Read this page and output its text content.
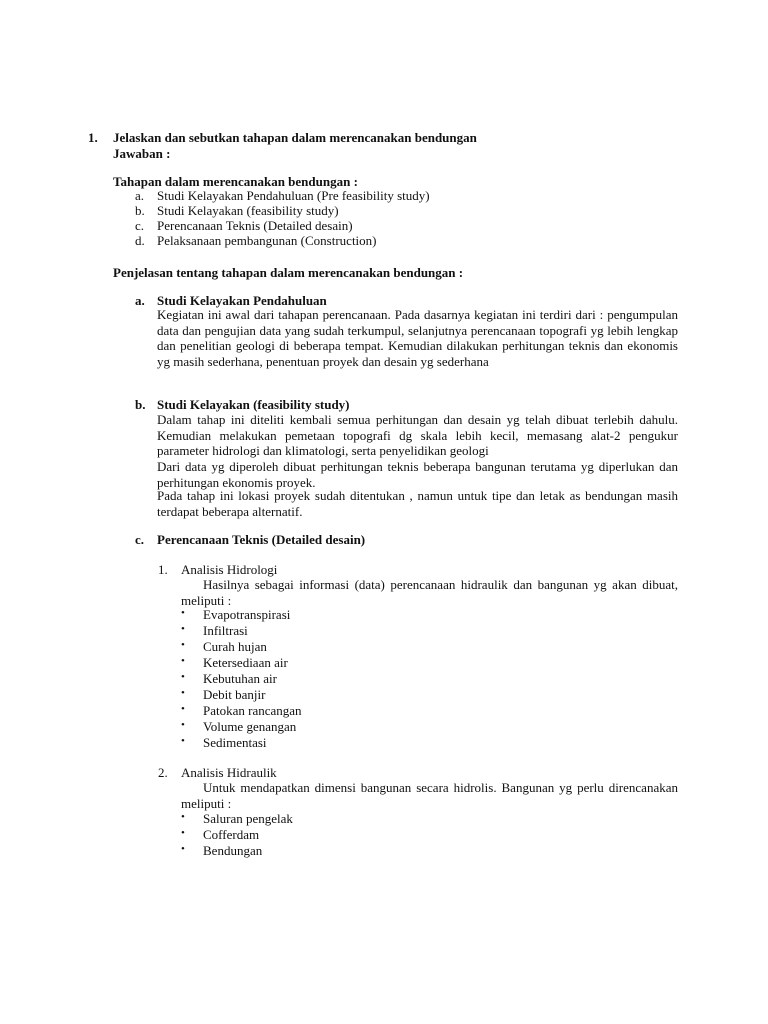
1. Jelaskan dan sebutkan tahapan dalam merencanakan bendungan
Jawaban :
Tahapan dalam merencanakan bendungan :
a. Studi Kelayakan Pendahuluan (Pre feasibility study)
b. Studi Kelayakan (feasibility study)
c. Perencanaan Teknis (Detailed desain)
d. Pelaksanaan pembangunan (Construction)
Penjelasan tentang tahapan dalam merencanakan bendungan :
a. Studi Kelayakan Pendahuluan
Kegiatan ini awal dari tahapan perencanaan. Pada dasarnya kegiatan ini terdiri dari : pengumpulan data dan pengujian data yang sudah terkumpul, selanjutnya perencanaan topografi yg lebih lengkap dan penelitian geologi di beberapa tempat. Kemudian dilakukan perhitungan teknis dan ekonomis yg masih sederhana, penentuan proyek dan desain yg sederhana
b. Studi Kelayakan (feasibility study)
Dalam tahap ini diteliti kembali semua perhitungan dan desain yg telah dibuat terlebih dahulu. Kemudian melakukan pemetaan topografi dg skala lebih kecil, memasang alat-2 pengukur parameter hidrologi dan klimatologi, serta penyelidikan geologi
Dari data yg diperoleh dibuat perhitungan teknis beberapa bangunan terutama yg diperlukan dan perhitungan ekonomis proyek.
Pada tahap ini lokasi proyek sudah ditentukan , namun untuk tipe dan letak as bendungan masih terdapat beberapa alternatif.
c. Perencanaan Teknis (Detailed desain)
1. Analisis Hidrologi
Hasilnya sebagai informasi (data) perencanaan hidraulik dan bangunan yg akan dibuat, meliputi :
• Evapotranspirasi
• Infiltrasi
• Curah hujan
• Ketersediaan air
• Kebutuhan air
• Debit banjir
• Patokan rancangan
• Volume genangan
• Sedimentasi
2. Analisis Hidraulik
Untuk mendapatkan dimensi bangunan secara hidrolis. Bangunan yg perlu direncanakan meliputi :
• Saluran pengelak
• Cofferdam
• Bendungan
